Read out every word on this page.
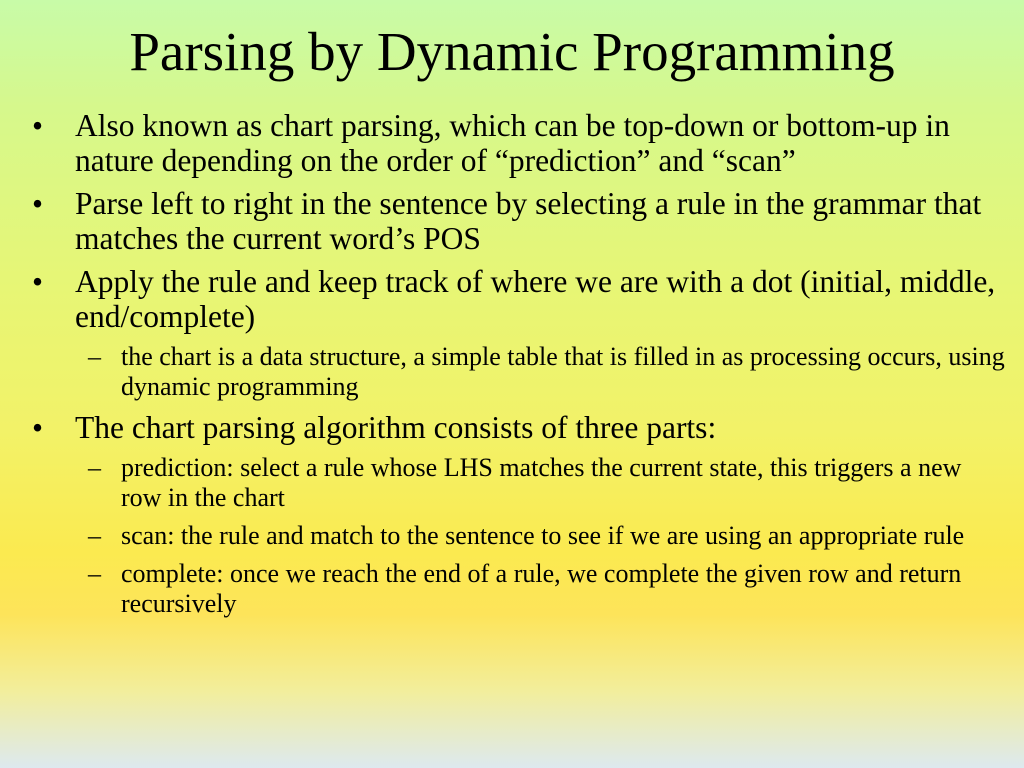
Parsing by Dynamic Programming
• Also known as chart parsing, which can be top-down or bottom-up in nature depending on the order of “prediction” and “scan”
• Parse left to right in the sentence by selecting a rule in the grammar that matches the current word’s POS
• Apply the rule and keep track of where we are with a dot (initial, middle, end/complete)
– the chart is a data structure, a simple table that is filled in as processing occurs, using dynamic programming
• The chart parsing algorithm consists of three parts:
– prediction: select a rule whose LHS matches the current state, this triggers a new row in the chart
– scan: the rule and match to the sentence to see if we are using an appropriate rule
– complete: once we reach the end of a rule, we complete the given row and return recursively
